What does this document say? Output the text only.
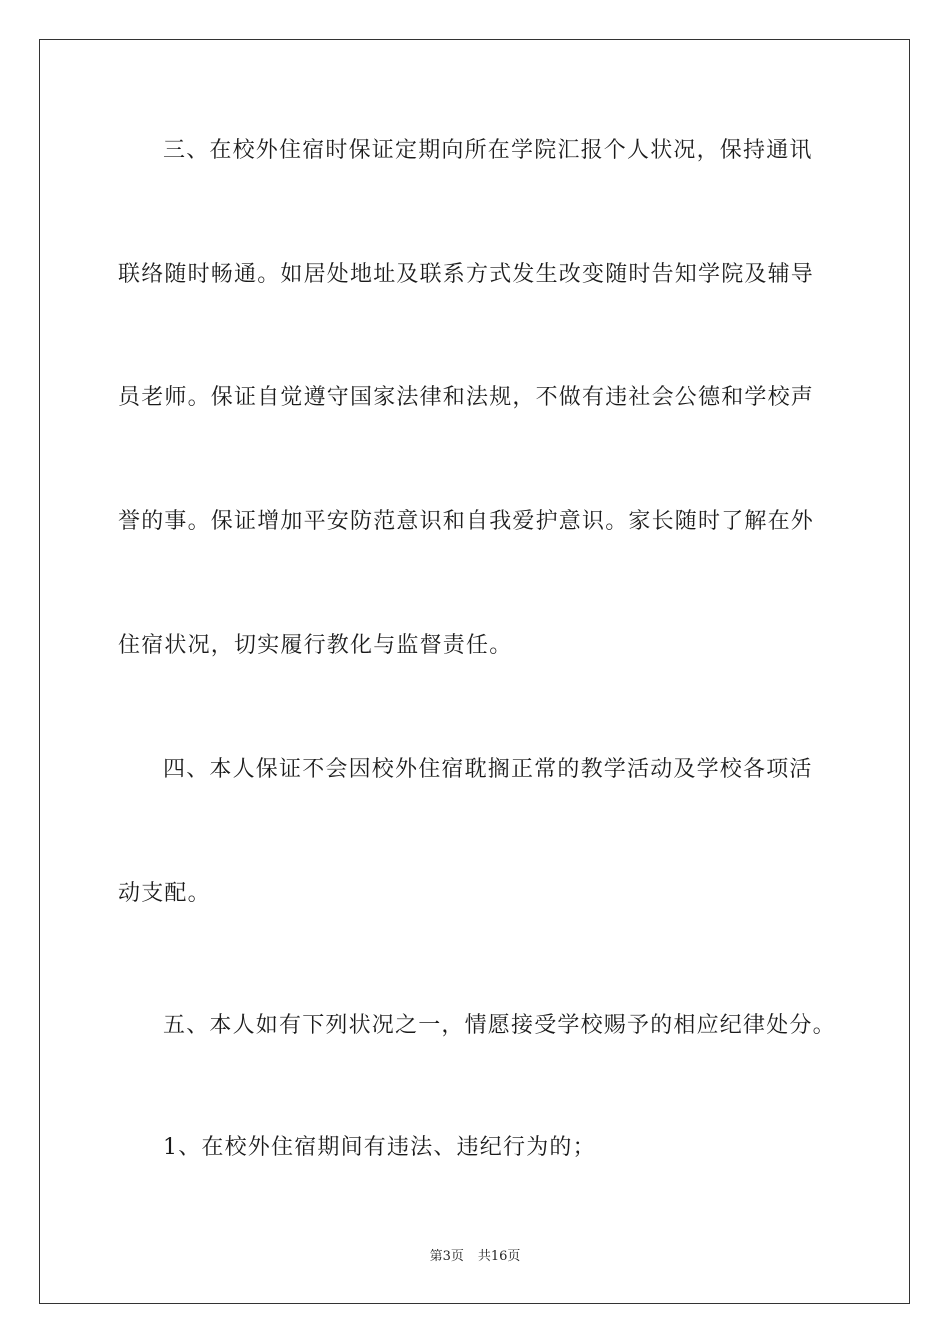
三、在校外住宿时保证定期向所在学院汇报个人状况，保持通讯
联络随时畅通。如居处地址及联系方式发生改变随时告知学院及辅导
员老师。保证自觉遵守国家法律和法规，不做有违社会公德和学校声
誉的事。保证增加平安防范意识和自我爱护意识。家长随时了解在外
住宿状况，切实履行教化与监督责任。
四、本人保证不会因校外住宿耽搁正常的教学活动及学校各项活
动支配。
五、本人如有下列状况之一，情愿接受学校赐予的相应纪律处分。
1、在校外住宿期间有违法、违纪行为的；
第3页 共16页
